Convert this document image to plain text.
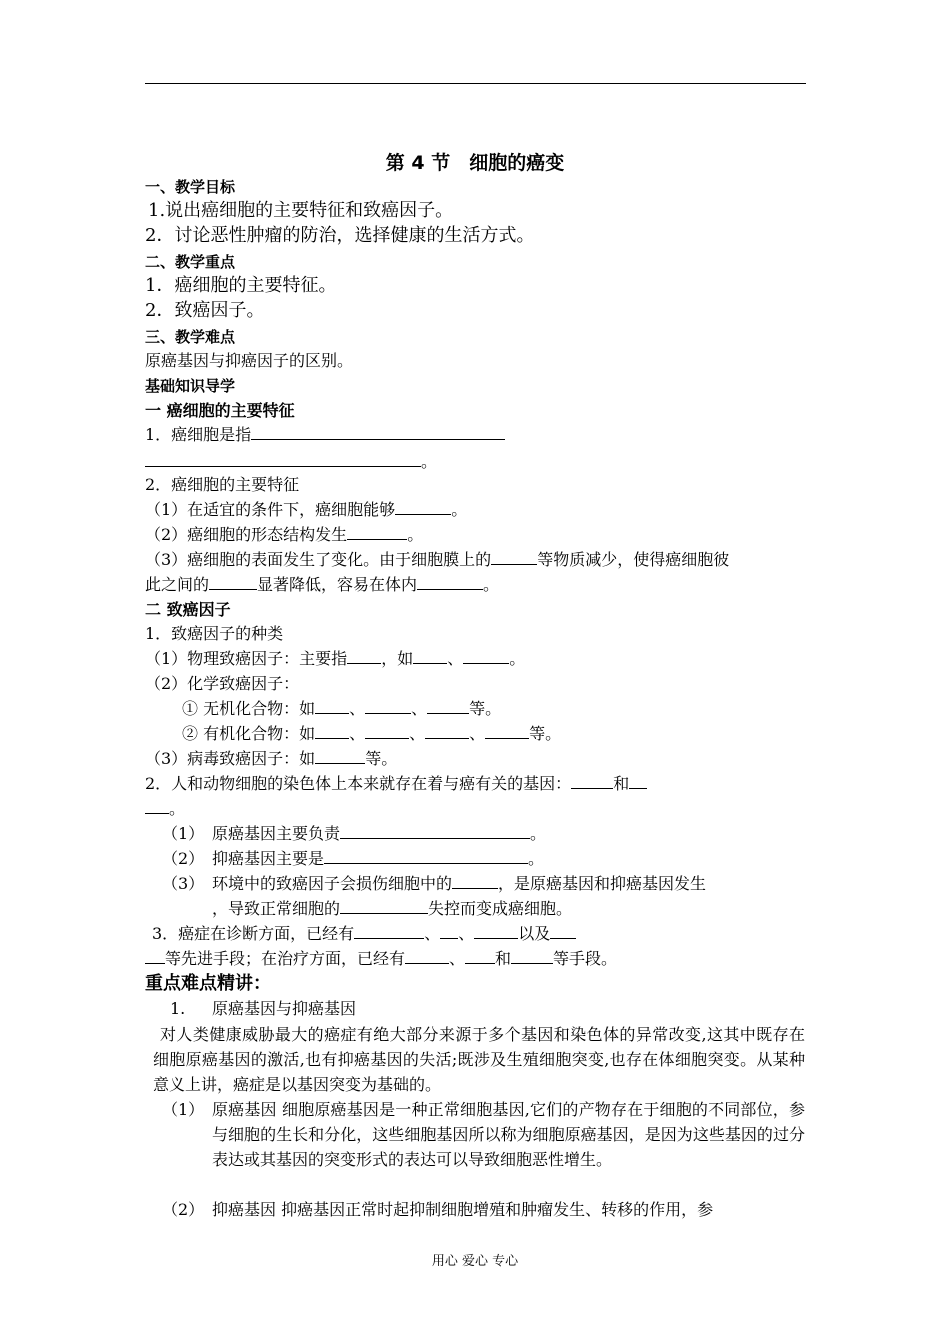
第 4 节　细胞的癌变
一、教学目标
1.说出癌细胞的主要特征和致癌因子。
2．讨论恶性肿瘤的防治，选择健康的生活方式。
二、教学重点
1．癌细胞的主要特征。
2．致癌因子。
三、教学难点
原癌基因与抑癌因子的区别。
基础知识导学
一 癌细胞的主要特征
1．癌细胞是指
。
2．癌细胞的主要特征
（1）在适宜的条件下，癌细胞能够	。
（2）癌细胞的形态结构发生	。
（3）癌细胞的表面发生了变化。由于细胞膜上的	等物质减少，使得癌细胞彼
此之间的	显著降低，容易在体内	。
二 致癌因子
1．致癌因子的种类
（1）物理致癌因子：主要指 ，如 、	。
（2）化学致癌因子：
① 无机化合物：如 、	、	等。
② 有机化合物：如 、	、	、	等。
（3）病毒致癌因子：如	等。
2．人和动物细胞的染色体上本来就存在着与癌有关的基因：	和
。
（1） 原癌基因主要负责	。
（2） 抑癌基因主要是	。
（3） 环境中的致癌因子会损伤细胞中的	，是原癌基因和抑癌基因发生
，导致正常细胞的	失控而变成癌细胞。
3．癌症在诊断方面，已经有	、 、	以及
等先进手段；在治疗方面，已经有	、 和	等手段。
重点难点精讲：
1. 原癌基因与抑癌基因
对人类健康威胁最大的癌症有绝大部分来源于多个基因和染色体的异常改变,这其中既存在细胞原癌基因的激活,也有抑癌基因的失活;既涉及生殖细胞突变,也存在体细胞突变。从某种意义上讲，癌症是以基因突变为基础的。
（1） 原癌基因 细胞原癌基因是一种正常细胞基因,它们的产物存在于细胞的不同部位，参与细胞的生长和分化，这些细胞基因所以称为细胞原癌基因，是因为这些基因的过分表达或其基因的突变形式的表达可以导致细胞恶性增生。
（2） 抑癌基因 抑癌基因正常时起抑制细胞增殖和肿瘤发生、转移的作用，参
用心 爱心 专心
